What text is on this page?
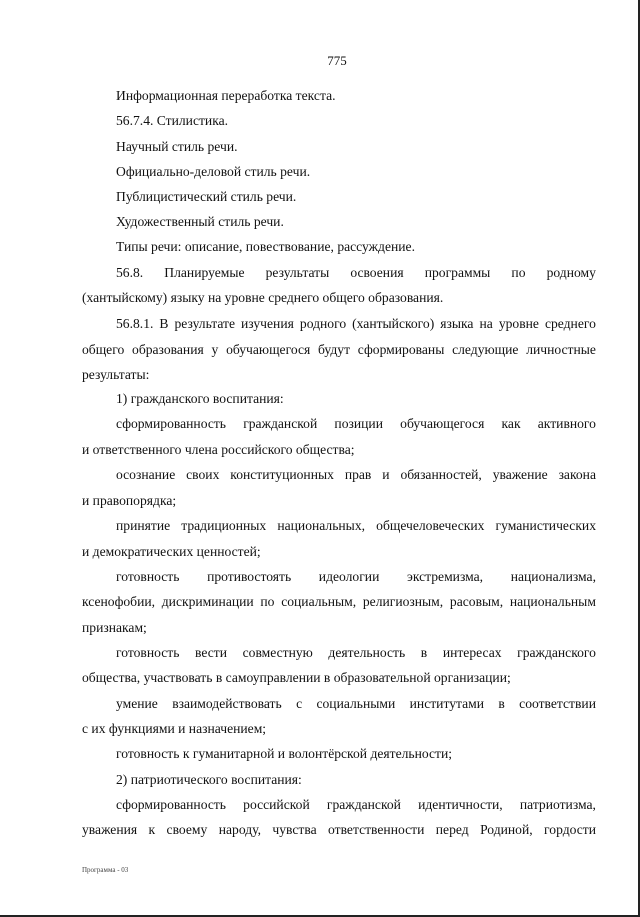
775
Информационная переработка текста.
56.7.4. Стилистика.
Научный стиль речи.
Официально-деловой стиль речи.
Публицистический стиль речи.
Художественный стиль речи.
Типы речи: описание, повествование, рассуждение.
56.8. Планируемые результаты освоения программы по родному
(хантыйскому) языку на уровне среднего общего образования.
56.8.1. В результате изучения родного (хантыйского) языка на уровне среднего
общего образования у обучающегося будут сформированы следующие личностные
результаты:
1) гражданского воспитания:
сформированность гражданской позиции обучающегося как активного
и ответственного члена российского общества;
осознание своих конституционных прав и обязанностей, уважение закона
и правопорядка;
принятие традиционных национальных, общечеловеческих гуманистических
и демократических ценностей;
готовность противостоять идеологии экстремизма, национализма,
ксенофобии, дискриминации по социальным, религиозным, расовым, национальным
признакам;
готовность вести совместную деятельность в интересах гражданского
общества, участвовать в самоуправлении в образовательной организации;
умение взаимодействовать с социальными институтами в соответствии
с их функциями и назначением;
готовность к гуманитарной и волонтёрской деятельности;
2) патриотического воспитания:
сформированность российской гражданской идентичности, патриотизма,
уважения к своему народу, чувства ответственности перед Родиной, гордости
Программа - 03
